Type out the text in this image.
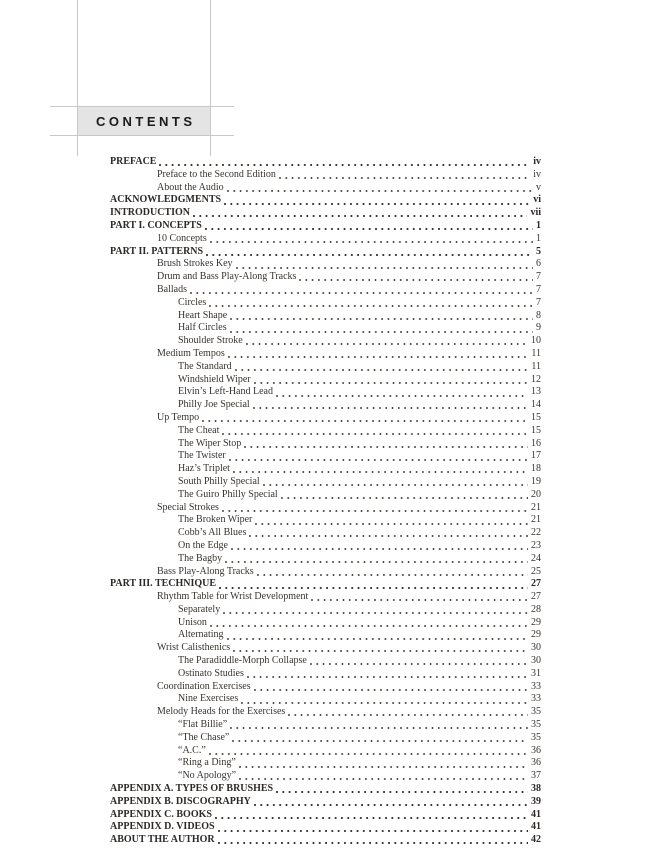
CONTENTS
PREFACE	iv
Preface to the Second Edition	iv
About the Audio	v
ACKNOWLEDGMENTS	vi
INTRODUCTION	vii
PART I. CONCEPTS	1
10 Concepts	1
PART II. PATTERNS	5
Brush Strokes Key	6
Drum and Bass Play-Along Tracks	7
Ballads	7
Circles	7
Heart Shape	8
Half Circles	9
Shoulder Stroke	10
Medium Tempos	11
The Standard	11
Windshield Wiper	12
Elvin’s Left-Hand Lead	13
Philly Joe Special	14
Up Tempo	15
The Cheat	15
The Wiper Stop	16
The Twister	17
Haz’s Triplet	18
South Philly Special	19
The Guiro Philly Special	20
Special Strokes	21
The Broken Wiper	21
Cobb’s All Blues	22
On the Edge	23
The Bagby	24
Bass Play-Along Tracks	25
PART III. TECHNIQUE	27
Rhythm Table for Wrist Development	27
Separately	28
Unison	29
Alternating	29
Wrist Calisthenics	30
The Paradiddle-Morph Collapse	30
Ostinato Studies	31
Coordination Exercises	33
Nine Exercises	33
Melody Heads for the Exercises	35
“Flat Billie”	35
“The Chase”	35
“A.C.”	36
“Ring a Ding”	36
“No Apology”	37
APPENDIX A. TYPES OF BRUSHES	38
APPENDIX B. DISCOGRAPHY	39
APPENDIX C. BOOKS	41
APPENDIX D. VIDEOS	41
ABOUT THE AUTHOR	42
